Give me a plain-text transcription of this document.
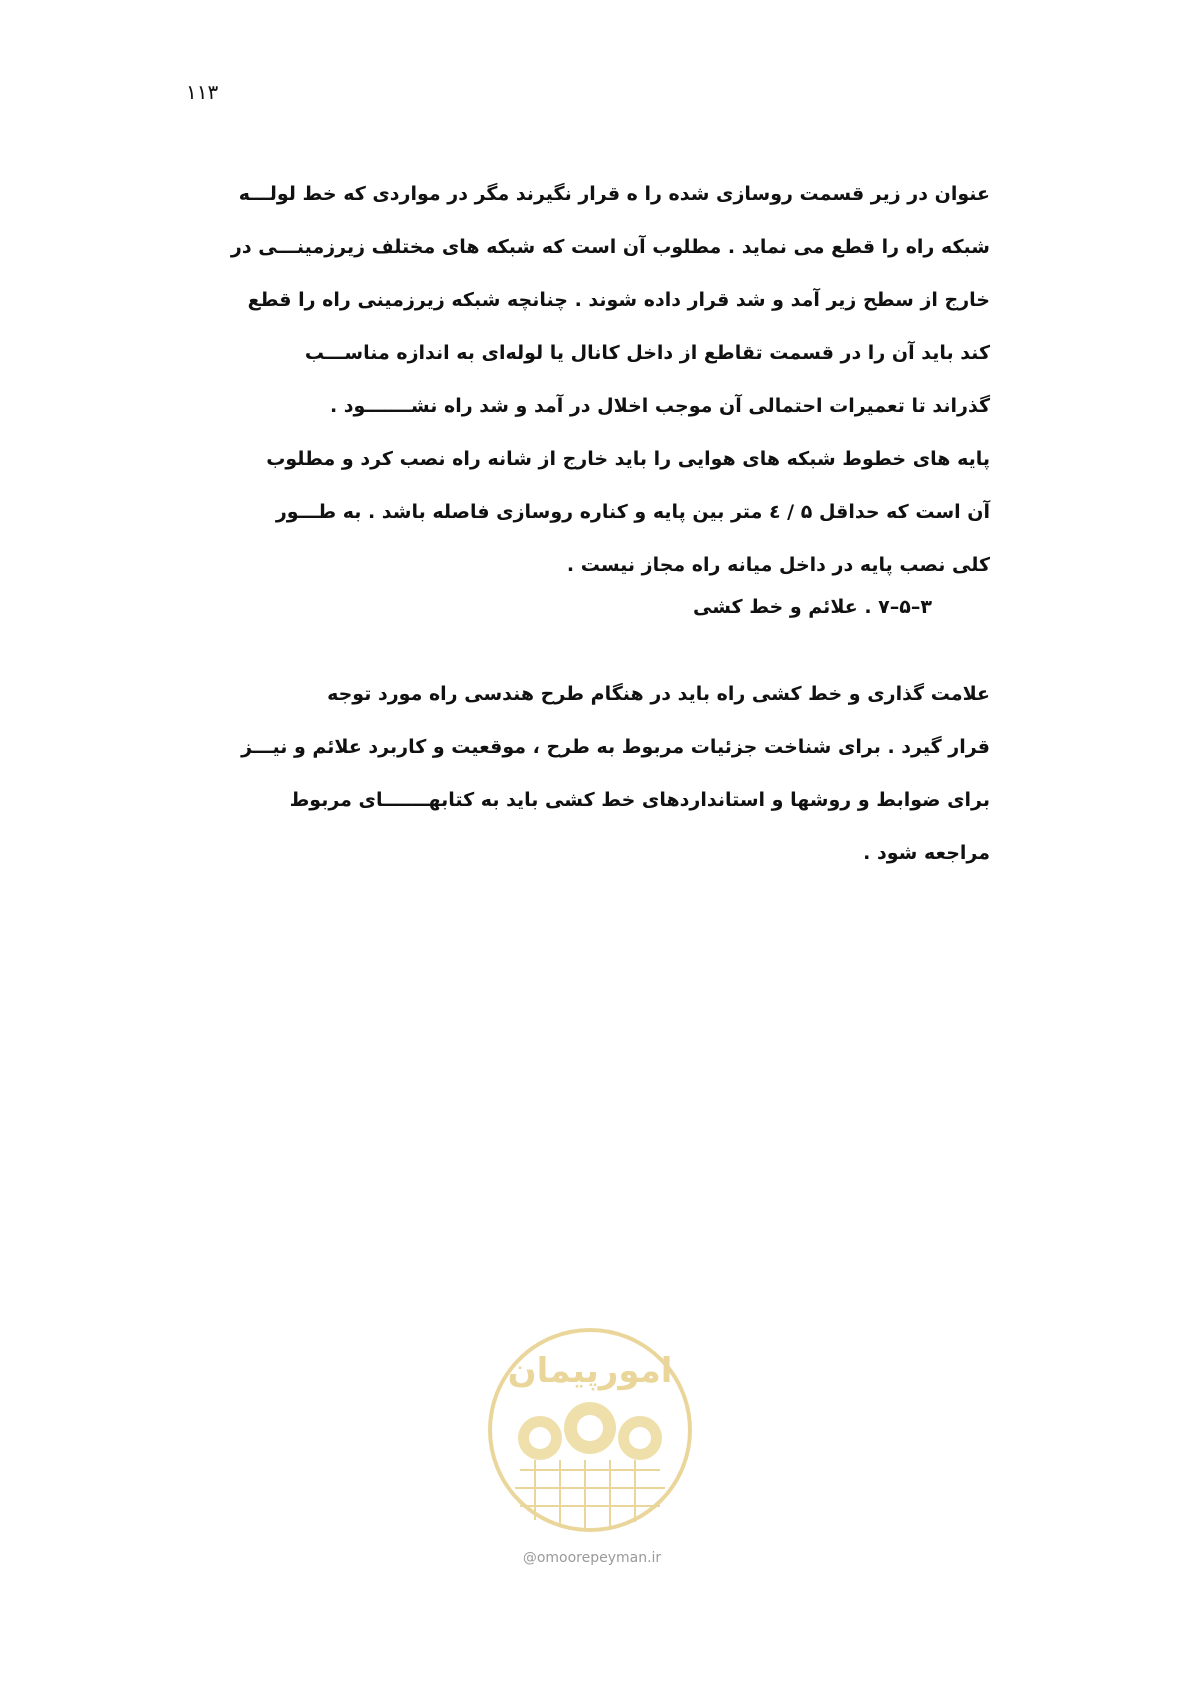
۱۱۳
عنوان در زیر قسمت روسازی شده را ه قرار نگیرند مگر در مواردی که خط لولـــه
شبکه راه را قطع می نماید . مطلوب آن است که شبکه های مختلف زیرزمینـــی در
خارج از سطح زیر آمد و شد قرار داده شوند . چنانچه شبکه زیرزمینی راه را قطع
کند باید آن را در قسمت تقاطع از داخل کانال یا لوله‌ای به اندازه مناســـب
گذراند تا تعمیرات احتمالی آن موجب اخلال در آمد و شد راه نشـــــــود .
پایه های خطوط شبکه های هوایی را باید خارج از شانه راه نصب کرد و مطلوب
آن است که حداقل ۵ / ٤ متر بین پایه و کناره روسازی فاصله باشد . به طـــور
کلی نصب پایه در داخل میانه راه مجاز نیست .
۳–۵–۷ . علائم و خط کشی
علامت گذاری و خط کشی راه باید در هنگام طرح هندسی راه مورد توجه
قرار گیرد . برای شناخت جزئیات مربوط به طرح ، موقعیت و کاربرد علائم و نیـــز
برای ضوابط و روشها و استانداردهای خط کشی باید به کتابهـــــــای مربوط
مراجعه شود .
امورپیمان
@omoorepeyman.ir
